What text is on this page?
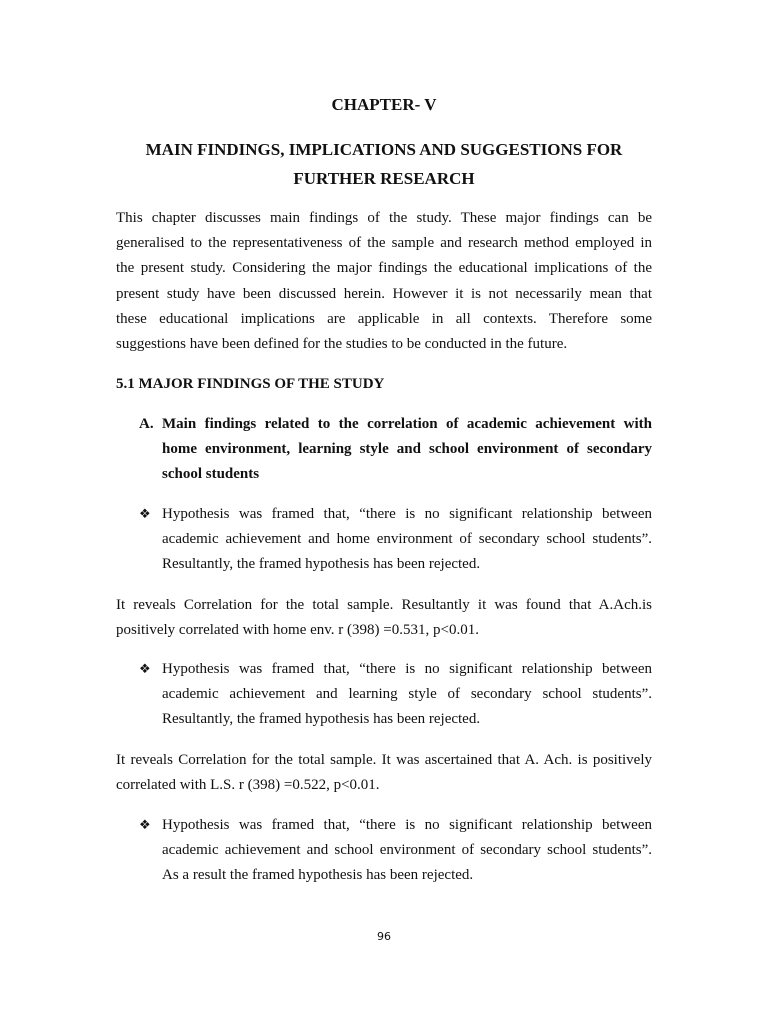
CHAPTER- V
MAIN FINDINGS, IMPLICATIONS AND SUGGESTIONS FOR
FURTHER RESEARCH
This chapter discusses main findings of the study. These major findings can be
generalised to the representativeness of the sample and research method employed in
the present study. Considering the major findings the educational implications of the
present study have been discussed herein. However it is not necessarily mean that
these educational implications are applicable in all contexts. Therefore some
suggestions have been defined for the studies to be conducted in the future.
5.1 MAJOR FINDINGS OF THE STUDY
A. Main findings related to the correlation of academic achievement with
home environment, learning style and school environment of secondary
school students
❖ Hypothesis was framed that, “there is no significant relationship between
academic achievement and home environment of secondary school students”.
Resultantly, the framed hypothesis has been rejected.
It reveals Correlation for the total sample. Resultantly it was found that A.Ach.is
positively correlated with home env. r (398) =0.531, p<0.01.
❖ Hypothesis was framed that, “there is no significant relationship between
academic achievement and learning style of secondary school students”.
Resultantly, the framed hypothesis has been rejected.
It reveals Correlation for the total sample. It was ascertained that A. Ach. is positively
correlated with L.S. r (398) =0.522, p<0.01.
❖ Hypothesis was framed that, “there is no significant relationship between
academic achievement and school environment of secondary school students”.
As a result the framed hypothesis has been rejected.
96
